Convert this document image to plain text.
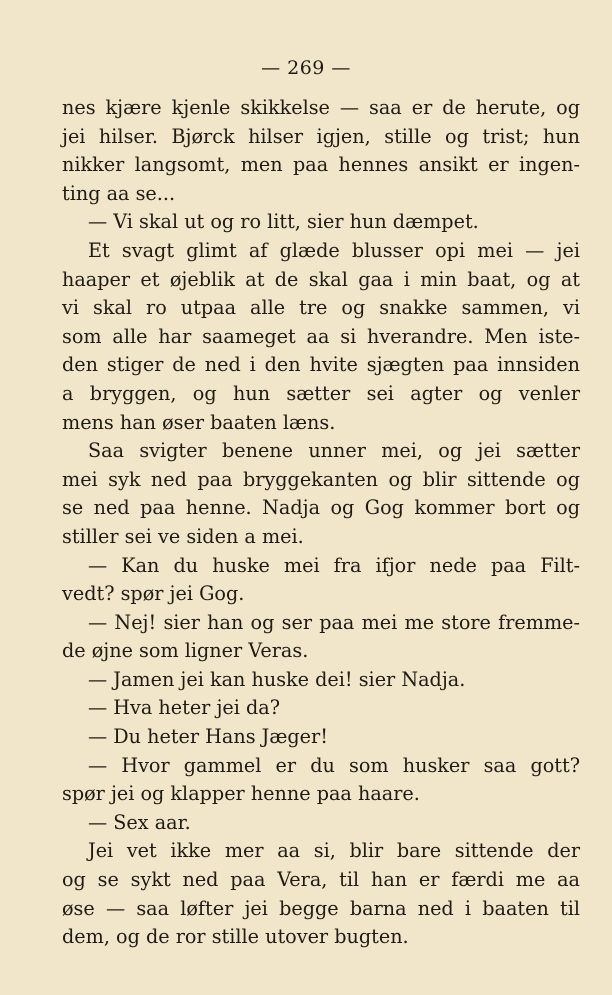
— 269 —
nes kjære kjenle skikkelse — saa er de herute, og
jei hilser. Bjørck hilser igjen, stille og trist; hun
nikker langsomt, men paa hennes ansikt er ingen-
ting aa se...
— Vi skal ut og ro litt, sier hun dæmpet.
Et svagt glimt af glæde blusser opi mei — jei
haaper et øjeblik at de skal gaa i min baat, og at
vi skal ro utpaa alle tre og snakke sammen, vi
som alle har saameget aa si hverandre. Men iste-
den stiger de ned i den hvite sjægten paa innsiden
a bryggen, og hun sætter sei agter og venler
mens han øser baaten læns.
Saa svigter benene unner mei, og jei sætter
mei syk ned paa bryggekanten og blir sittende og
se ned paa henne. Nadja og Gog kommer bort og
stiller sei ve siden a mei.
— Kan du huske mei fra ifjor nede paa Filt-
vedt? spør jei Gog.
— Nej! sier han og ser paa mei me store fremme-
de øjne som ligner Veras.
— Jamen jei kan huske dei! sier Nadja.
— Hva heter jei da?
— Du heter Hans Jæger!
— Hvor gammel er du som husker saa gott?
spør jei og klapper henne paa haare.
— Sex aar.
Jei vet ikke mer aa si, blir bare sittende der
og se sykt ned paa Vera, til han er færdi me aa
øse — saa løfter jei begge barna ned i baaten til
dem, og de ror stille utover bugten.
